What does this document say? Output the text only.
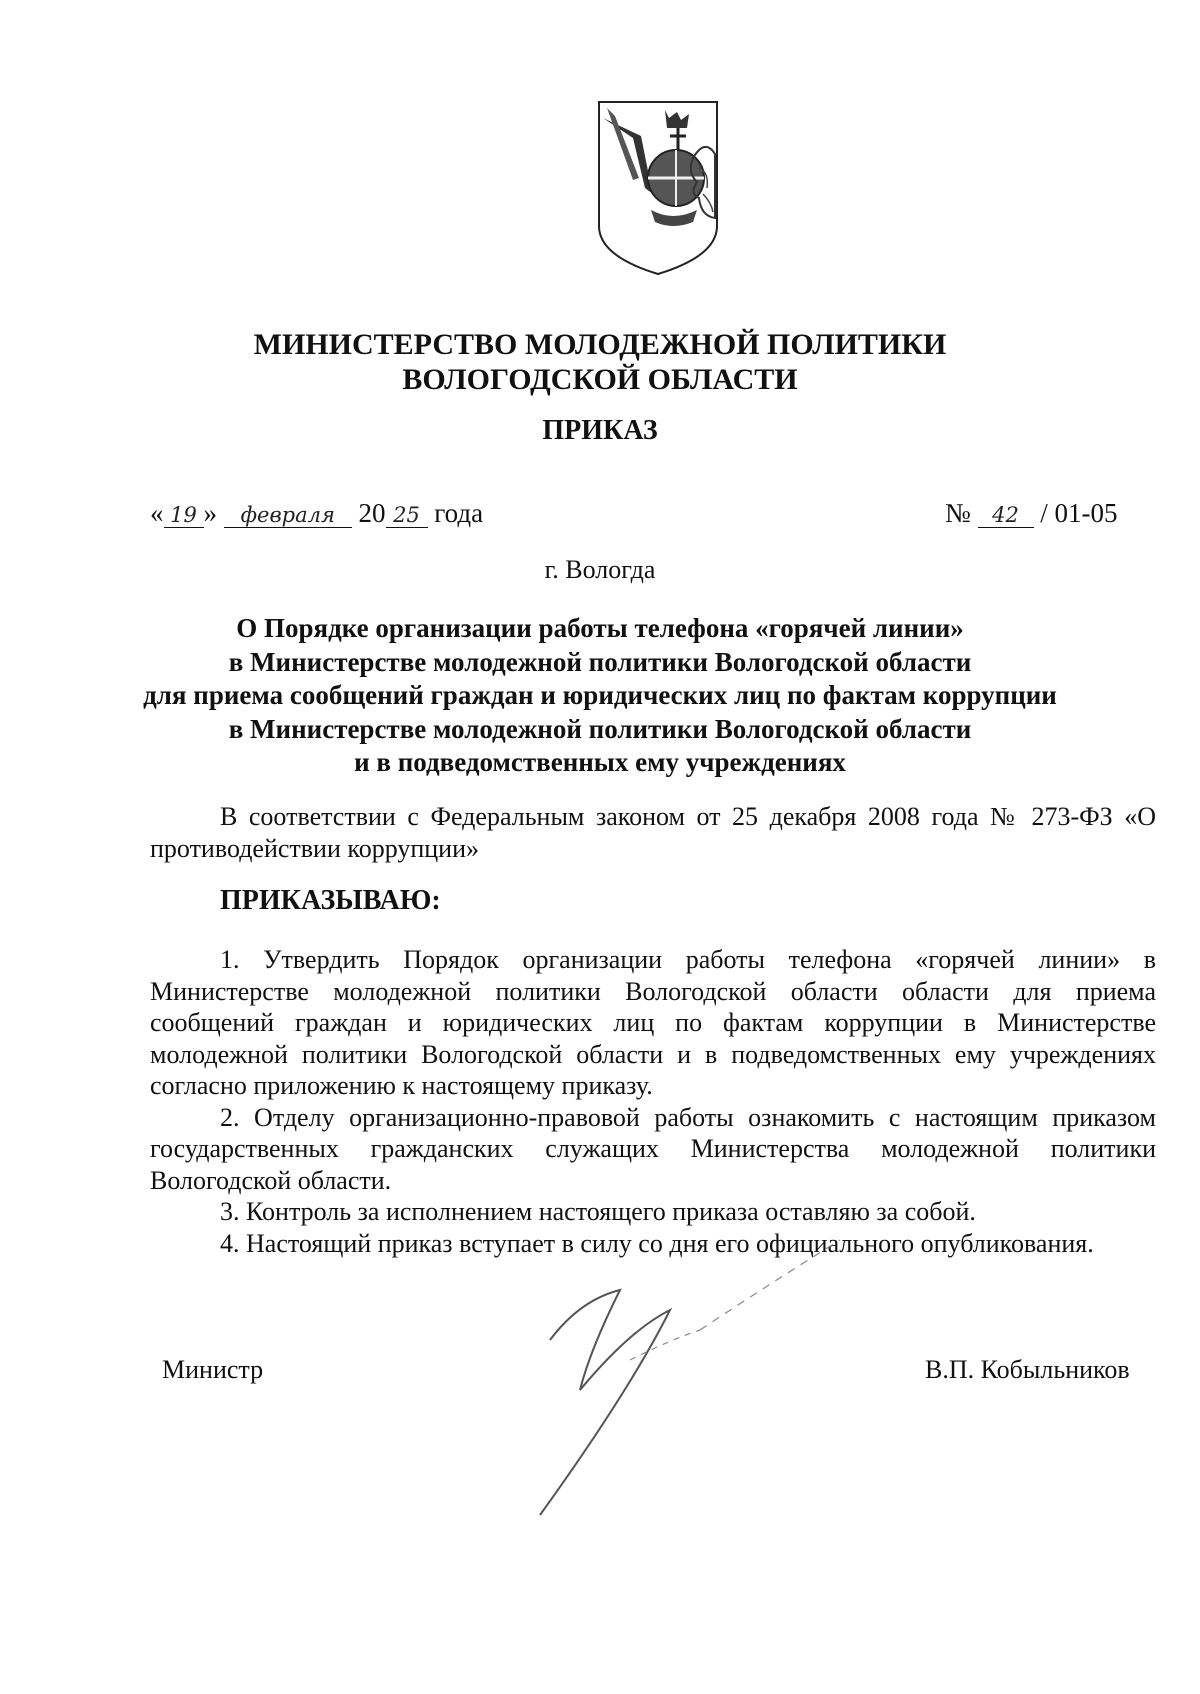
МИНИСТЕРСТВО МОЛОДЕЖНОЙ ПОЛИТИКИ
ВОЛОГОДСКОЙ ОБЛАСТИ
ПРИКАЗ
« 19 » февраля 20 25 года	№ 42 / 01-05
г. Вологда
О Порядке организации работы телефона «горячей линии»
в Министерстве молодежной политики Вологодской области
для приема сообщений граждан и юридических лиц по фактам коррупции
в Министерстве молодежной политики Вологодской области
и в подведомственных ему учреждениях

В соответствии с Федеральным законом от 25 декабря 2008 года № 273-ФЗ «О противодействии коррупции»

ПРИКАЗЫВАЮ:

1. Утвердить Порядок организации работы телефона «горячей линии» в Министерстве молодежной политики Вологодской области области для приема сообщений граждан и юридических лиц по фактам коррупции в Министерстве молодежной политики Вологодской области и в подведомственных ему учреждениях согласно приложению к настоящему приказу.

2. Отделу организационно-правовой работы ознакомить с настоящим приказом государственных гражданских служащих Министерства молодежной политики Вологодской области.

3. Контроль за исполнением настоящего приказа оставляю за собой.

4. Настоящий приказ вступает в силу со дня его официального опубликования.

Министр	В.П. Кобыльников
